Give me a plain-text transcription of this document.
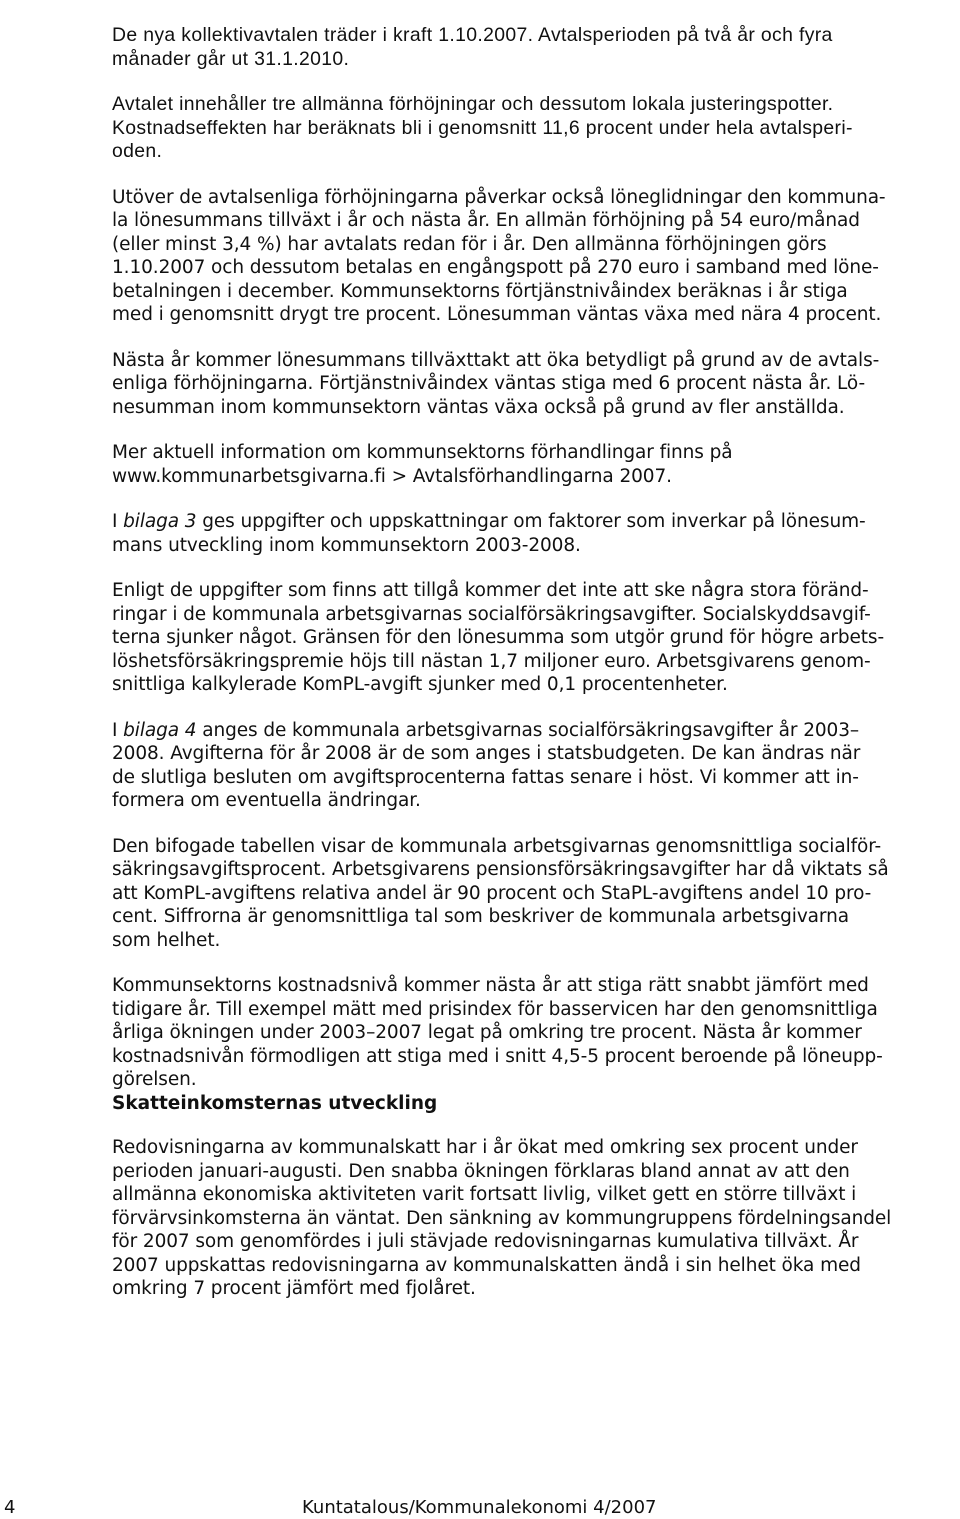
De nya kollektivavtalen träder i kraft 1.10.2007. Avtalsperioden på två år och fyra
månader går ut 31.1.2010.

Avtalet innehåller tre allmänna förhöjningar och dessutom lokala justeringspotter.
Kostnadseffekten har beräknats bli i genomsnitt 11,6 procent under hela avtalsperi-
oden.

Utöver de avtalsenliga förhöjningarna påverkar också löneglidningar den kommuna-
la lönesummans tillväxt i år och nästa år. En allmän förhöjning på 54 euro/månad
(eller minst 3,4 %) har avtalats redan för i år. Den allmänna förhöjningen görs
1.10.2007 och dessutom betalas en engångspott på 270 euro i samband med löne-
betalningen i december. Kommunsektorns förtjänstnivåindex beräknas i år stiga
med i genomsnitt drygt tre procent. Lönesumman väntas växa med nära 4 procent.

Nästa år kommer lönesummans tillväxttakt att öka betydligt på grund av de avtals-
enliga förhöjningarna. Förtjänstnivåindex väntas stiga med 6 procent nästa år. Lö-
nesumman inom kommunsektorn väntas växa också på grund av fler anställda.

Mer aktuell information om kommunsektorns förhandlingar finns på
www.kommunarbetsgivarna.fi > Avtalsförhandlingarna 2007.

I bilaga 3 ges uppgifter och uppskattningar om faktorer som inverkar på lönesum-
mans utveckling inom kommunsektorn 2003-2008.

Enligt de uppgifter som finns att tillgå kommer det inte att ske några stora föränd-
ringar i de kommunala arbetsgivarnas socialförsäkringsavgifter. Socialskyddsavgif-
terna sjunker något. Gränsen för den lönesumma som utgör grund för högre arbets-
löshetsförsäkringspremie höjs till nästan 1,7 miljoner euro. Arbetsgivarens genom-
snittliga kalkylerade KomPL-avgift sjunker med 0,1 procentenheter.

I bilaga 4 anges de kommunala arbetsgivarnas socialförsäkringsavgifter år 2003–
2008. Avgifterna för år 2008 är de som anges i statsbudgeten. De kan ändras när
de slutliga besluten om avgiftsprocenterna fattas senare i höst. Vi kommer att in-
formera om eventuella ändringar.

Den bifogade tabellen visar de kommunala arbetsgivarnas genomsnittliga socialför-
säkringsavgiftsprocent. Arbetsgivarens pensionsförsäkringsavgifter har då viktats så
att KomPL-avgiftens relativa andel är 90 procent och StaPL-avgiftens andel 10 pro-
cent. Siffrorna är genomsnittliga tal som beskriver de kommunala arbetsgivarna
som helhet.

Kommunsektorns kostnadsnivå kommer nästa år att stiga rätt snabbt jämfört med
tidigare år. Till exempel mätt med prisindex för basservicen har den genomsnittliga
årliga ökningen under 2003–2007 legat på omkring tre procent. Nästa år kommer
kostnadsnivån förmodligen att stiga med i snitt 4,5-5 procent beroende på löneupp-
görelsen.

Skatteinkomsternas utveckling

Redovisningarna av kommunalskatt har i år ökat med omkring sex procent under
perioden januari-augusti. Den snabba ökningen förklaras bland annat av att den
allmänna ekonomiska aktiviteten varit fortsatt livlig, vilket gett en större tillväxt i
förvärvsinkomsterna än väntat. Den sänkning av kommungruppens fördelningsandel
för 2007 som genomfördes i juli stävjade redovisningarnas kumulativa tillväxt. År
2007 uppskattas redovisningarna av kommunalskatten ändå i sin helhet öka med
omkring 7 procent jämfört med fjolåret.

4	Kuntatalous/Kommunalekonomi 4/2007
